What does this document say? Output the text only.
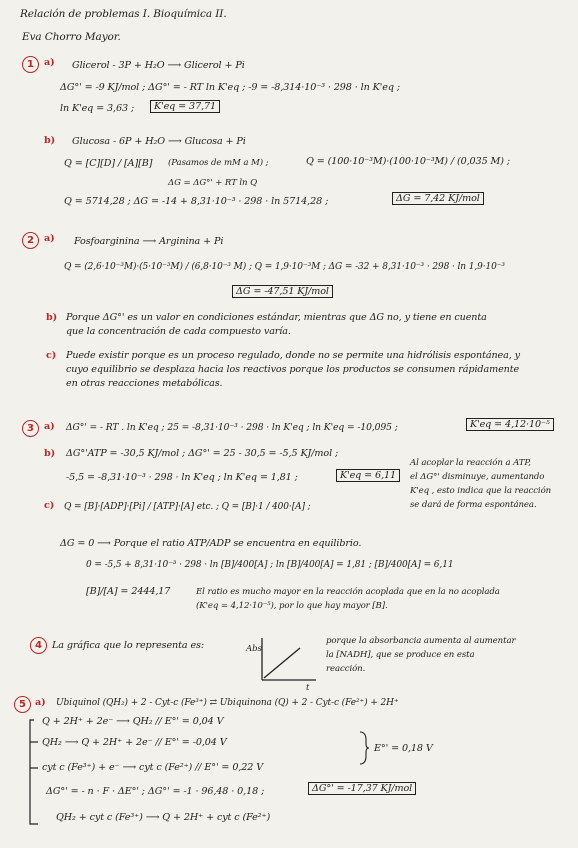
Relación de problemas I. Bioquímica II.
Eva Chorro Mayor.
1	a) Glicerol - 3P + H₂O ⟶ Glicerol + Pi
ΔG°' = -9 KJ/mol ; ΔG°' = - RT ln K'eq ; -9 = -8,314·10⁻³ · 298 · ln K'eq ;
ln K'eq = 3,63 ;	K'eq = 37,71
b) Glucosa - 6P + H₂O ⟶ Glucosa + Pi
Q = [C][D] / [A][B] (Pasamos de mM a M) ;	Q = (100·10⁻³M)·(100·10⁻³M) / (0,035 M) ;
ΔG = ΔG°' + RT ln Q
Q = 5714,28 ; ΔG = -14 + 8,31·10⁻³ · 298 · ln 5714,28 ;	ΔG = 7,42 KJ/mol
2	a) Fosfoarginina ⟶ Arginina + Pi
Q = (2,6·10⁻³M)·(5·10⁻³M) / (6,8·10⁻³ M) ; Q = 1,9·10⁻³M ; ΔG = -32 + 8,31·10⁻³ · 298 · ln 1,9·10⁻³
ΔG = -47,51 KJ/mol
b) Porque ΔG°' es un valor en condiciones estándar, mientras que ΔG no, y tiene en cuenta
que la concentración de cada compuesto varía.
c) Puede existir porque es un proceso regulado, donde no se permite una hidrólisis espontánea, y
cuyo equilibrio se desplaza hacia los reactivos porque los productos se consumen rápidamente
en otras reacciones metabólicas.
3	a) ΔG°' = - RT . ln K'eq ; 25 = -8,31·10⁻³ · 298 · ln K'eq ; ln K'eq = -10,095 ;	K'eq = 4,12·10⁻⁵
b) ΔG°'ATP = -30,5 KJ/mol ; ΔG°' = 25 - 30,5 = -5,5 KJ/mol ;
-5,5 = -8,31·10⁻³ · 298 · ln K'eq ; ln K'eq = 1,81 ;	K'eq = 6,11
Al acoplar la reacción a ATP,
el ΔG°' disminuye, aumentando
K'eq , esto indica que la reacción
se dará de forma espontánea.
c) Q = [B]·[ADP]·[Pi] / [ATP]·[A] etc. ; Q = [B]·1 / 400·[A] ;
ΔG = 0 ⟶ Porque el ratio ATP/ADP se encuentra en equilibrio.
0 = -5,5 + 8,31·10⁻³ · 298 · ln [B]/400[A] ; ln [B]/400[A] = 1,81 ; [B]/400[A] = 6,11
[B]/[A] = 2444,17	El ratio es mucho mayor en la reacción acoplada que en la no acoplada
(K'eq = 4,12·10⁻⁵), por lo que hay mayor [B].
4	La gráfica que lo representa es:	Abs
t
porque la absorbancia aumenta al aumentar
la [NADH], que se produce en esta
reacción.
5 a) Ubiquinol (QH₂) + 2 - Cyt-c (Fe³⁺) ⇄ Ubiquinona (Q) + 2 - Cyt-c (Fe²⁺) + 2H⁺
Q + 2H⁺ + 2e⁻ ⟶ QH₂ // E°' = 0,04 V
QH₂ ⟶ Q + 2H⁺ + 2e⁻ // E°' = -0,04 V
cyt c (Fe³⁺) + e⁻ ⟶ cyt c (Fe²⁺) // E°' = 0,22 V
E°' = 0,18 V
ΔG°' = - n · F · ΔE°' ; ΔG°' = -1 · 96,48 · 0,18 ;	ΔG°' = -17,37 KJ/mol
QH₂ + cyt c (Fe³⁺) ⟶ Q + 2H⁺ + cyt c (Fe²⁺)
